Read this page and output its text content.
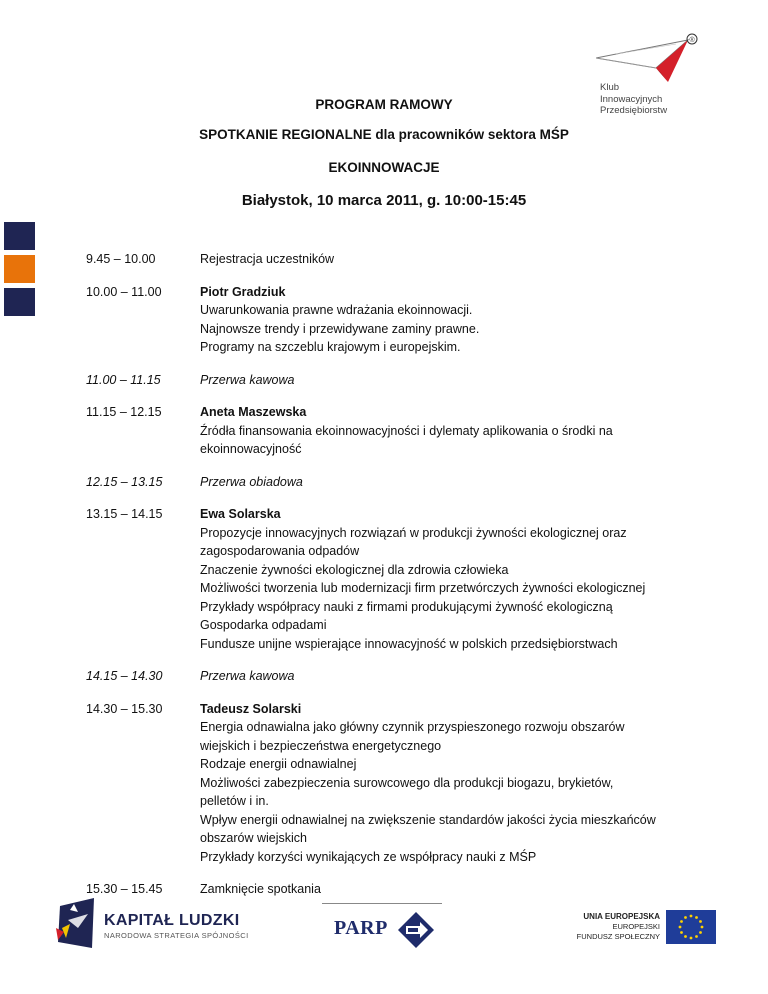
®
Klub
Innowacyjnych
Przedsiębiorstw
PROGRAM RAMOWY
SPOTKANIE REGIONALNE dla pracowników sektora MŚP
EKOINNOWACJE
Białystok, 10 marca 2011, g. 10:00-15:45
9.45 – 10.00	Rejestracja uczestników
10.00 – 11.00	Piotr Gradziuk
Uwarunkowania prawne wdrażania ekoinnowacji.
Najnowsze trendy i przewidywane zaminy prawne.
Programy na szczeblu krajowym i europejskim.
11.00 – 11.15	Przerwa kawowa
11.15 – 12.15	Aneta Maszewska
Źródła finansowania ekoinnowacyjności i dylematy aplikowania o środki na
ekoinnowacyjność
12.15 – 13.15	Przerwa obiadowa
13.15 – 14.15	Ewa Solarska
Propozycje innowacyjnych rozwiązań w produkcji żywności ekologicznej oraz
zagospodarowania odpadów
Znaczenie żywności ekologicznej dla zdrowia człowieka
Możliwości tworzenia lub modernizacji firm przetwórczych żywności ekologicznej
Przykłady współpracy nauki z firmami produkującymi żywność ekologiczną
Gospodarka odpadami
Fundusze unijne wspierające innowacyjność w polskich przedsiębiorstwach
14.15 – 14.30	Przerwa kawowa
14.30 – 15.30	Tadeusz Solarski
Energia odnawialna jako główny czynnik przyspieszonego rozwoju obszarów
wiejskich i bezpieczeństwa energetycznego
Rodzaje energii odnawialnej
Możliwości zabezpieczenia surowcowego dla produkcji biogazu, brykietów,
pelletów i in.
Wpływ energii odnawialnej na zwiększenie standardów jakości życia mieszkańców
obszarów wiejskich
Przykłady korzyści wynikających ze współpracy nauki z MŚP
15.30 – 15.45	Zamknięcie spotkania
KAPITAŁ LUDZKI
NARODOWA STRATEGIA SPÓJNOŚCI	PARP
UNIA EUROPEJSKA
EUROPEJSKI
FUNDUSZ SPOŁECZNY
